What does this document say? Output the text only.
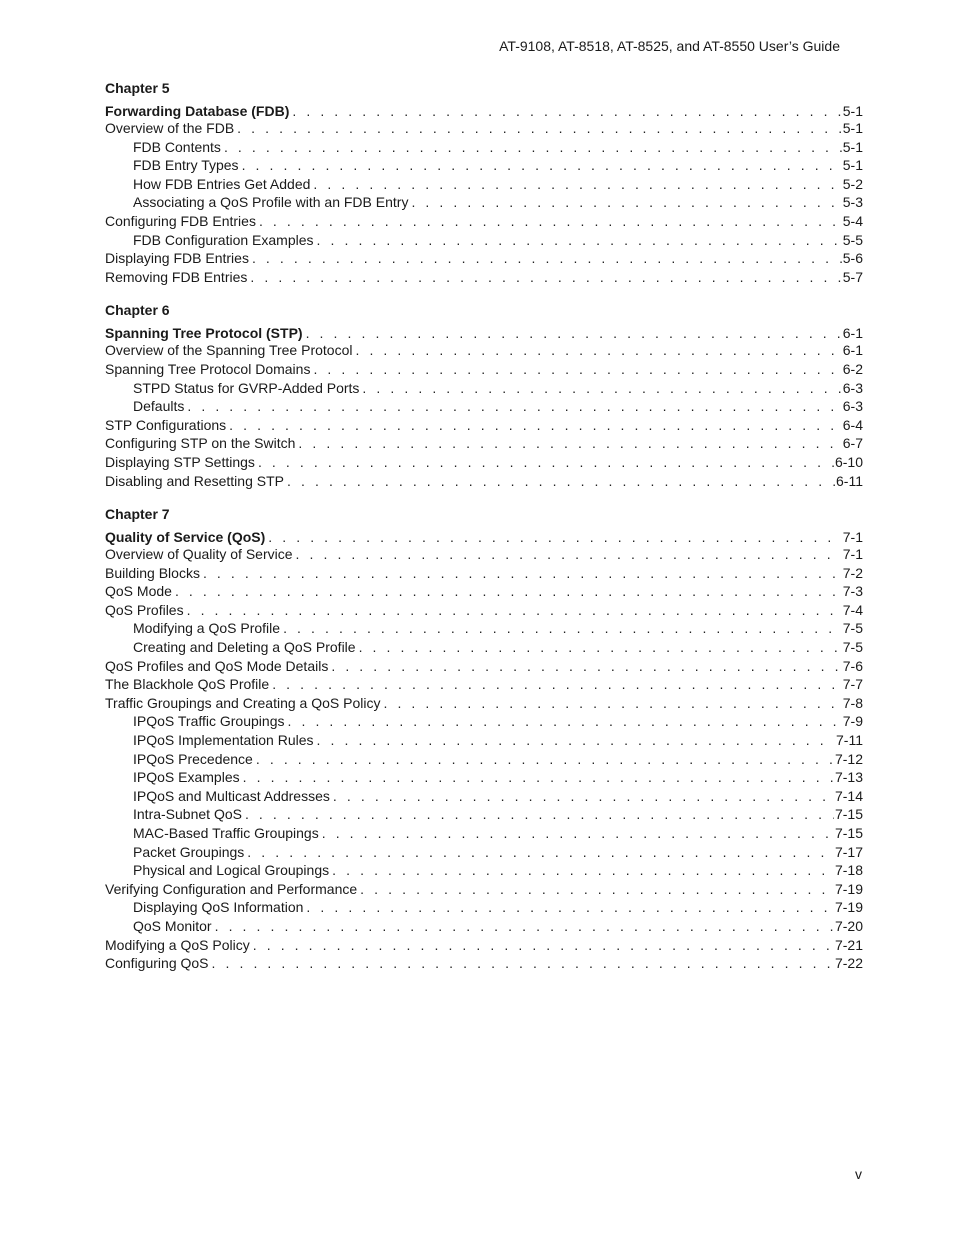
AT-9108, AT-8518, AT-8525, and AT-8550 User’s Guide
Chapter 5
Forwarding Database (FDB) . . .	5-1
Overview of the FDB . . .	5-1
FDB Contents . . .	5-1
FDB Entry Types . . .	5-1
How FDB Entries Get Added . . .	5-2
Associating a QoS Profile with an FDB Entry . . .	5-3
Configuring FDB Entries . . .	5-4
FDB Configuration Examples . . .	5-5
Displaying FDB Entries . . .	5-6
Removing FDB Entries . . .	5-7
Chapter 6
Spanning Tree Protocol (STP) . . .	6-1
Overview of the Spanning Tree Protocol . . .	6-1
Spanning Tree Protocol Domains . . .	6-2
STPD Status for GVRP-Added Ports . . .	6-3
Defaults . . .	6-3
STP Configurations . . .	6-4
Configuring STP on the Switch . . .	6-7
Displaying STP Settings . . .	6-10
Disabling and Resetting STP . . .	6-11
Chapter 7
Quality of Service (QoS) . . .	7-1
Overview of Quality of Service . . .	7-1
Building Blocks . . .	7-2
QoS Mode . . .	7-3
QoS Profiles . . .	7-4
Modifying a QoS Profile . . .	7-5
Creating and Deleting a QoS Profile . . .	7-5
QoS Profiles and QoS Mode Details . . .	7-6
The Blackhole QoS Profile . . .	7-7
Traffic Groupings and Creating a QoS Policy . . .	7-8
IPQoS Traffic Groupings . . .	7-9
IPQoS Implementation Rules . . .	7-11
IPQoS Precedence . . .	7-12
IPQoS Examples . . .	7-13
IPQoS and Multicast Addresses . . .	7-14
Intra-Subnet QoS . . .	7-15
MAC-Based Traffic Groupings . . .	7-15
Packet Groupings . . .	7-17
Physical and Logical Groupings . . .	7-18
Verifying Configuration and Performance . . .	7-19
Displaying QoS Information . . .	7-19
QoS Monitor . . .	7-20
Modifying a QoS Policy . . .	7-21
Configuring QoS . . .	7-22
v
